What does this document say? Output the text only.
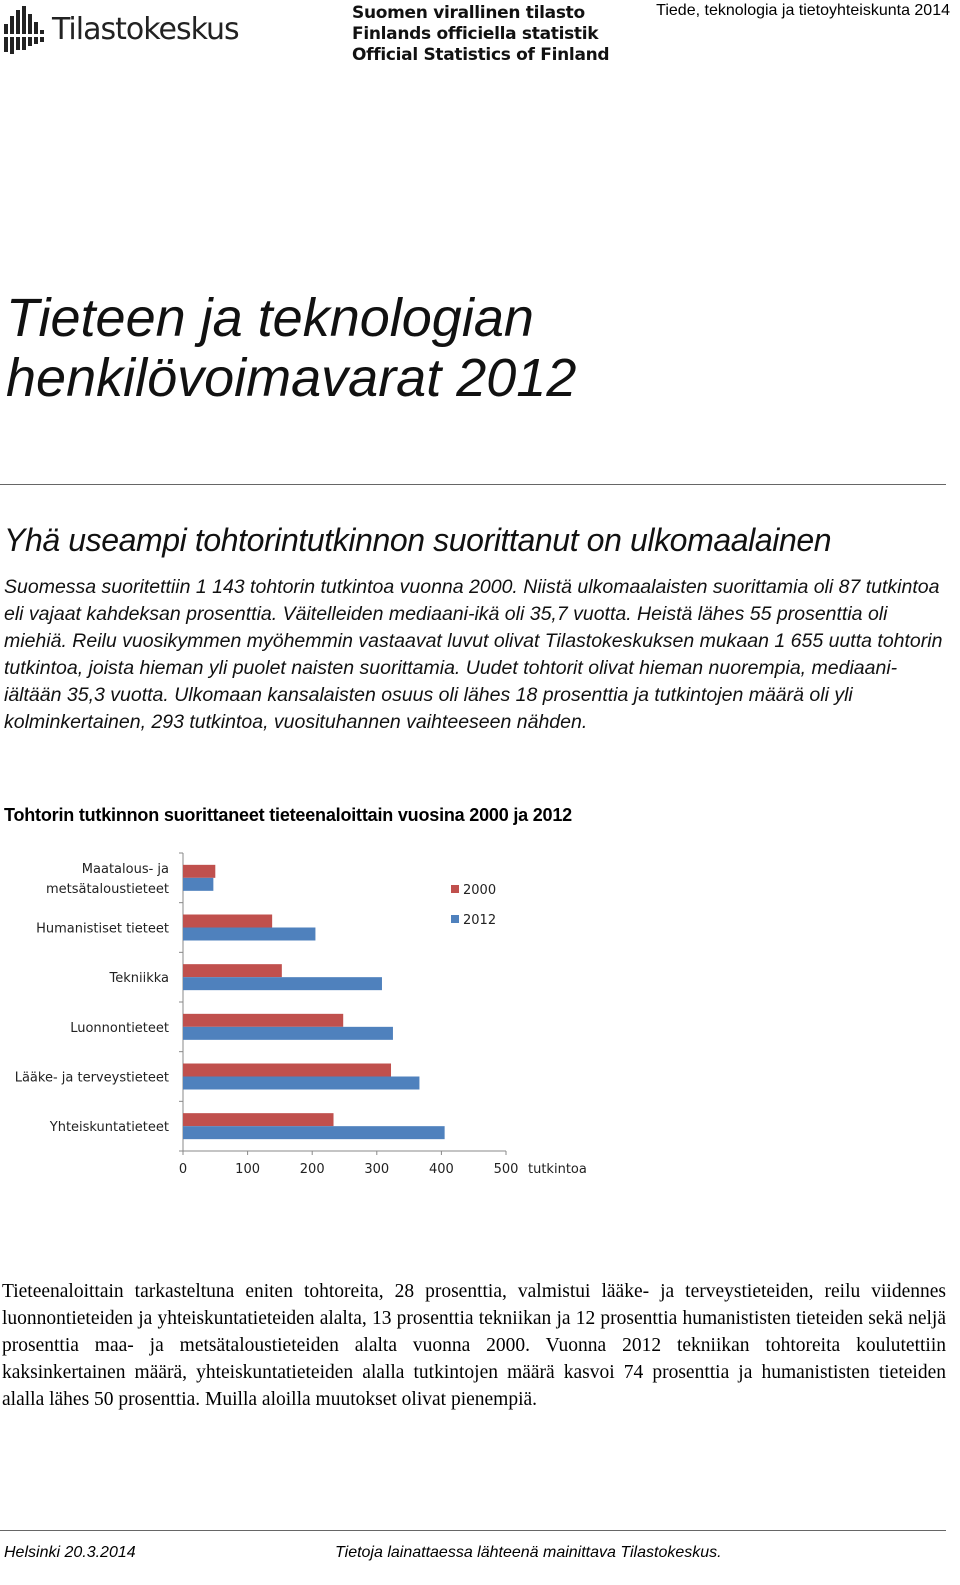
Tilastokeskus	Suomen virallinen tilasto
Finlands officiella statistik
Official Statistics of Finland
Tiede, teknologia ja tietoyhteiskunta 2014
Tieteen ja teknologian
henkilövoimavarat 2012
Yhä useampi tohtorintutkinnon suorittanut on ulkomaalainen
Suomessa suoritettiin 1 143 tohtorin tutkintoa vuonna 2000. Niistä ulkomaalaisten suorittamia oli 87 tutkintoa eli vajaat kahdeksan prosenttia. Väitelleiden mediaani-ikä oli 35,7 vuotta. Heistä lähes 55 prosenttia oli miehiä. Reilu vuosikymmen myöhemmin vastaavat luvut olivat Tilastokeskuksen mukaan 1 655 uutta tohtorin tutkintoa, joista hieman yli puolet naisten suorittamia. Uudet tohtorit olivat hieman nuorempia, mediaani-iältään 35,3 vuotta. Ulkomaan kansalaisten osuus oli lähes 18 prosenttia ja tutkintojen määrä oli yli kolminkertainen, 293 tutkintoa, vuosituhannen vaihteeseen nähden.
Tohtorin tutkinnon suorittaneet tieteenaloittain vuosina 2000 ja 2012
Maatalous- ja
metsätaloustieteet
Humanistiset tieteet
Tekniikka
Luonnontieteet
Lääke- ja terveystieteet
Yhteiskuntatieteet
0	100	200	300	400	500 tutkintoa
2000
2012
Tieteenaloittain tarkasteltuna eniten tohtoreita, 28 prosenttia, valmistui lääke- ja terveystieteiden, reilu viidennes luonnontieteiden ja yhteiskuntatieteiden alalta, 13 prosenttia tekniikan ja 12 prosenttia humanististen tieteiden sekä neljä prosenttia maa- ja metsätaloustieteiden alalta vuonna 2000. Vuonna 2012 tekniikan tohtoreita koulutettiin kaksinkertainen määrä, yhteiskuntatieteiden alalla tutkintojen määrä kasvoi 74 prosenttia ja humanististen tieteiden alalla lähes 50 prosenttia. Muilla aloilla muutokset olivat pienempiä.
Helsinki 20.3.2014	Tietoja lainattaessa lähteenä mainittava Tilastokeskus.
